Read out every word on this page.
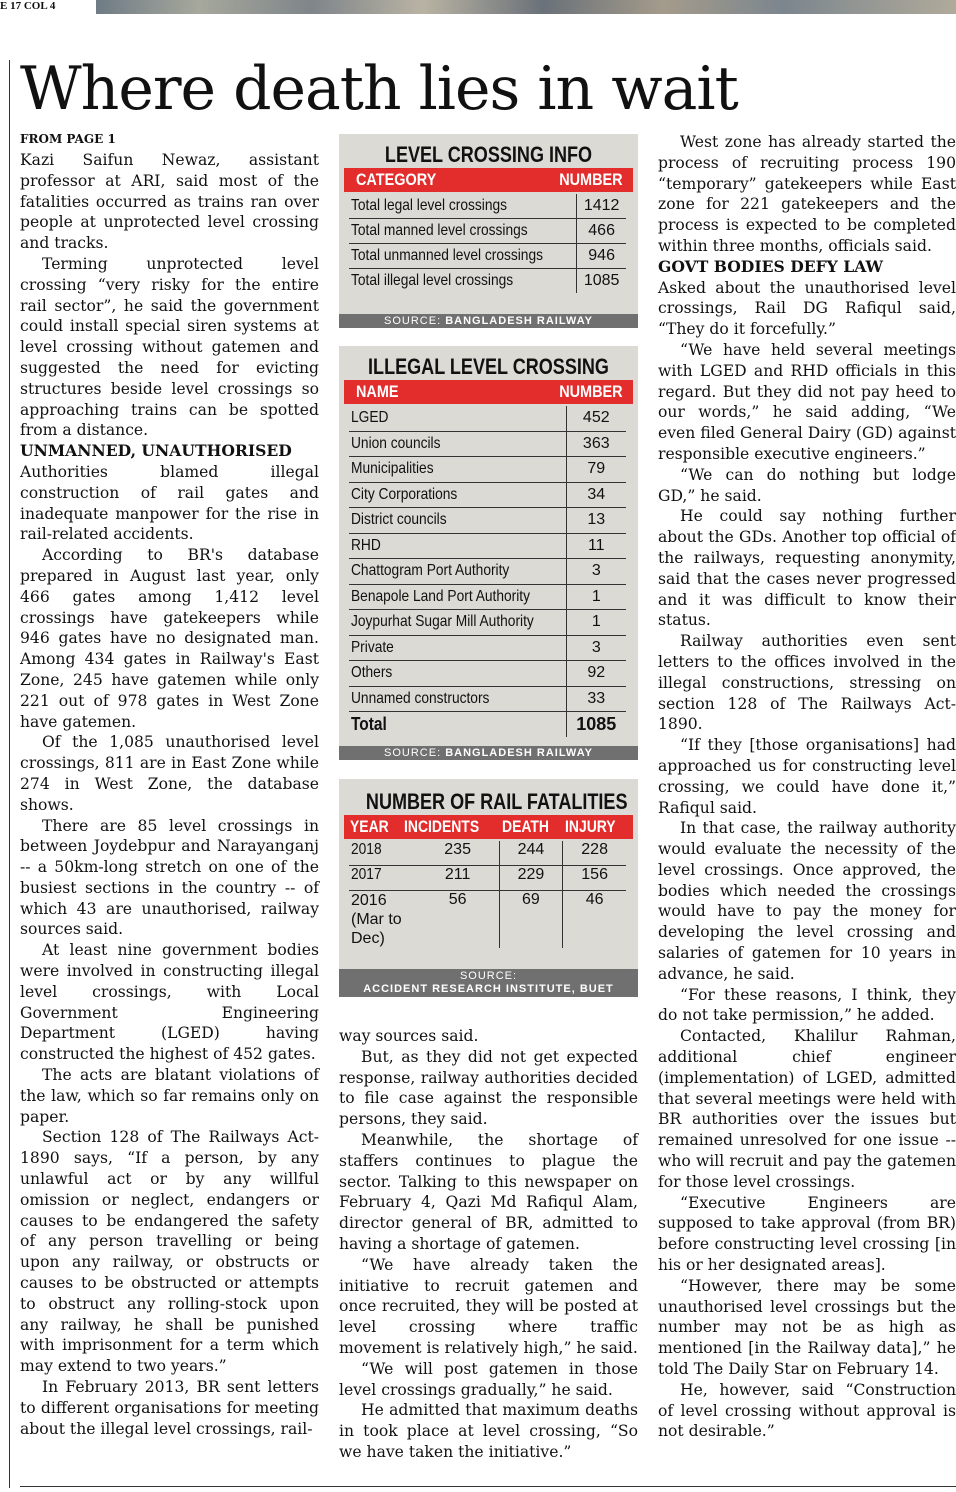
E 17 COL 4
Where death lies in wait

FROM PAGE 1

Kazi Saifun Newaz, assistant professor at ARI, said most of the fatalities occurred as trains ran over people at unprotected level crossing and tracks.

Terming unprotected level crossing “very risky for the entire rail sector”, he said the government could install special siren systems at level crossing without gatemen and suggested the need for evicting structures beside level crossings so approaching trains can be spotted from a distance.

UNMANNED, UNAUTHORISED

Authorities blamed illegal construction of rail gates and inadequate manpower for the rise in rail-related accidents.

According to BR's database prepared in August last year, only 466 gates among 1,412 level crossings have gatekeepers while 946 gates have no designated man. Among 434 gates in Railway's East Zone, 245 have gatemen while only 221 out of 978 gates in West Zone have gatemen.

Of the 1,085 unauthorised level crossings, 811 are in East Zone while 274 in West Zone, the database shows.

There are 85 level crossings in between Joydebpur and Narayanganj -- a 50km-long stretch on one of the busiest sections in the country -- of which 43 are unauthorised, railway sources said.

At least nine government bodies were involved in constructing illegal level crossings, with Local Government Engineering Department (LGED) having constructed the highest of 452 gates.

The acts are blatant violations of the law, which so far remains only on paper.

Section 128 of The Railways Act-1890 says, “If a person, by any unlawful act or by any willful omission or neglect, endangers or causes to be endangered the safety of any person travelling or being upon any railway, or obstructs or causes to be obstructed or attempts to obstruct any rolling-stock upon any railway, he shall be punished with imprisonment for a term which may extend to two years.”

In February 2013, BR sent letters to different organisations for meeting about the illegal level crossings, rail-

LEVEL CROSSING INFO
CATEGORY	NUMBER
Total legal level crossings	1412
Total manned level crossings	466
Total unmanned level crossings	946
Total illegal level crossings	1085
SOURCE: BANGLADESH RAILWAY
ILLEGAL LEVEL CROSSING
NAME	NUMBER
LGED	452
Union councils	363
Municipalities	79
City Corporations	34
District councils	13
RHD	11
Chattogram Port Authority	3
Benapole Land Port Authority	1
Joypurhat Sugar Mill Authority	1
Private	3
Others	92
Unnamed constructors	33
Total	1085
SOURCE: BANGLADESH RAILWAY
NUMBER OF RAIL FATALITIES
YEAR INCIDENTS DEATH INJURY
2018	235	244	228
2017	211	229	156
2016 (Mar to Dec)	56	69	46
SOURCE:
ACCIDENT RESEARCH INSTITUTE, BUET

way sources said.

But, as they did not get expected response, railway authorities decided to file case against the responsible persons, they said.

Meanwhile, the shortage of staffers continues to plague the sector. Talking to this newspaper on February 4, Qazi Md Rafiqul Alam, director general of BR, admitted to having a shortage of gatemen.

“We have already taken the initiative to recruit gatemen and once recruited, they will be posted at level crossing where traffic movement is relatively high,” he said.

“We will post gatemen in those level crossings gradually,” he said.

He admitted that maximum deaths in took place at level crossing, “So we have taken the initiative.”

West zone has already started the process of recruiting process 190 “temporary” gatekeepers while East zone for 221 gatekeepers and the process is expected to be completed within three months, officials said.

GOVT BODIES DEFY LAW

Asked about the unauthorised level crossings, Rail DG Rafiqul said, “They do it forcefully.”

“We have held several meetings with LGED and RHD officials in this regard. But they did not pay heed to our words,” he said adding, “We even filed General Dairy (GD) against responsible executive engineers.”

“We can do nothing but lodge GD,” he said.

He could say nothing further about the GDs. Another top official of the railways, requesting anonymity, said that the cases never progressed and it was difficult to know their status.

Railway authorities even sent letters to the offices involved in the illegal constructions, stressing on section 128 of The Railways Act-1890.

“If they [those organisations] had approached us for constructing level crossing, we could have done it,” Rafiqul said.

In that case, the railway authority would evaluate the necessity of the level crossings. Once approved, the bodies which needed the crossings would have to pay the money for developing the level crossing and salaries of gatemen for 10 years in advance, he said.

“For these reasons, I think, they do not take permission,” he added.

Contacted, Khalilur Rahman, additional chief engineer (implementation) of LGED, admitted that several meetings were held with BR authorities over the issues but remained unresolved for one issue -- who will recruit and pay the gatemen for those level crossings.

“Executive Engineers are supposed to take approval (from BR) before constructing level crossing [in his or her designated areas].

“However, there may be some unauthorised level crossings but the number may not be as high as mentioned [in the Railway data],” he told The Daily Star on February 14.

He, however, said “Construction of level crossing without approval is not desirable.”
